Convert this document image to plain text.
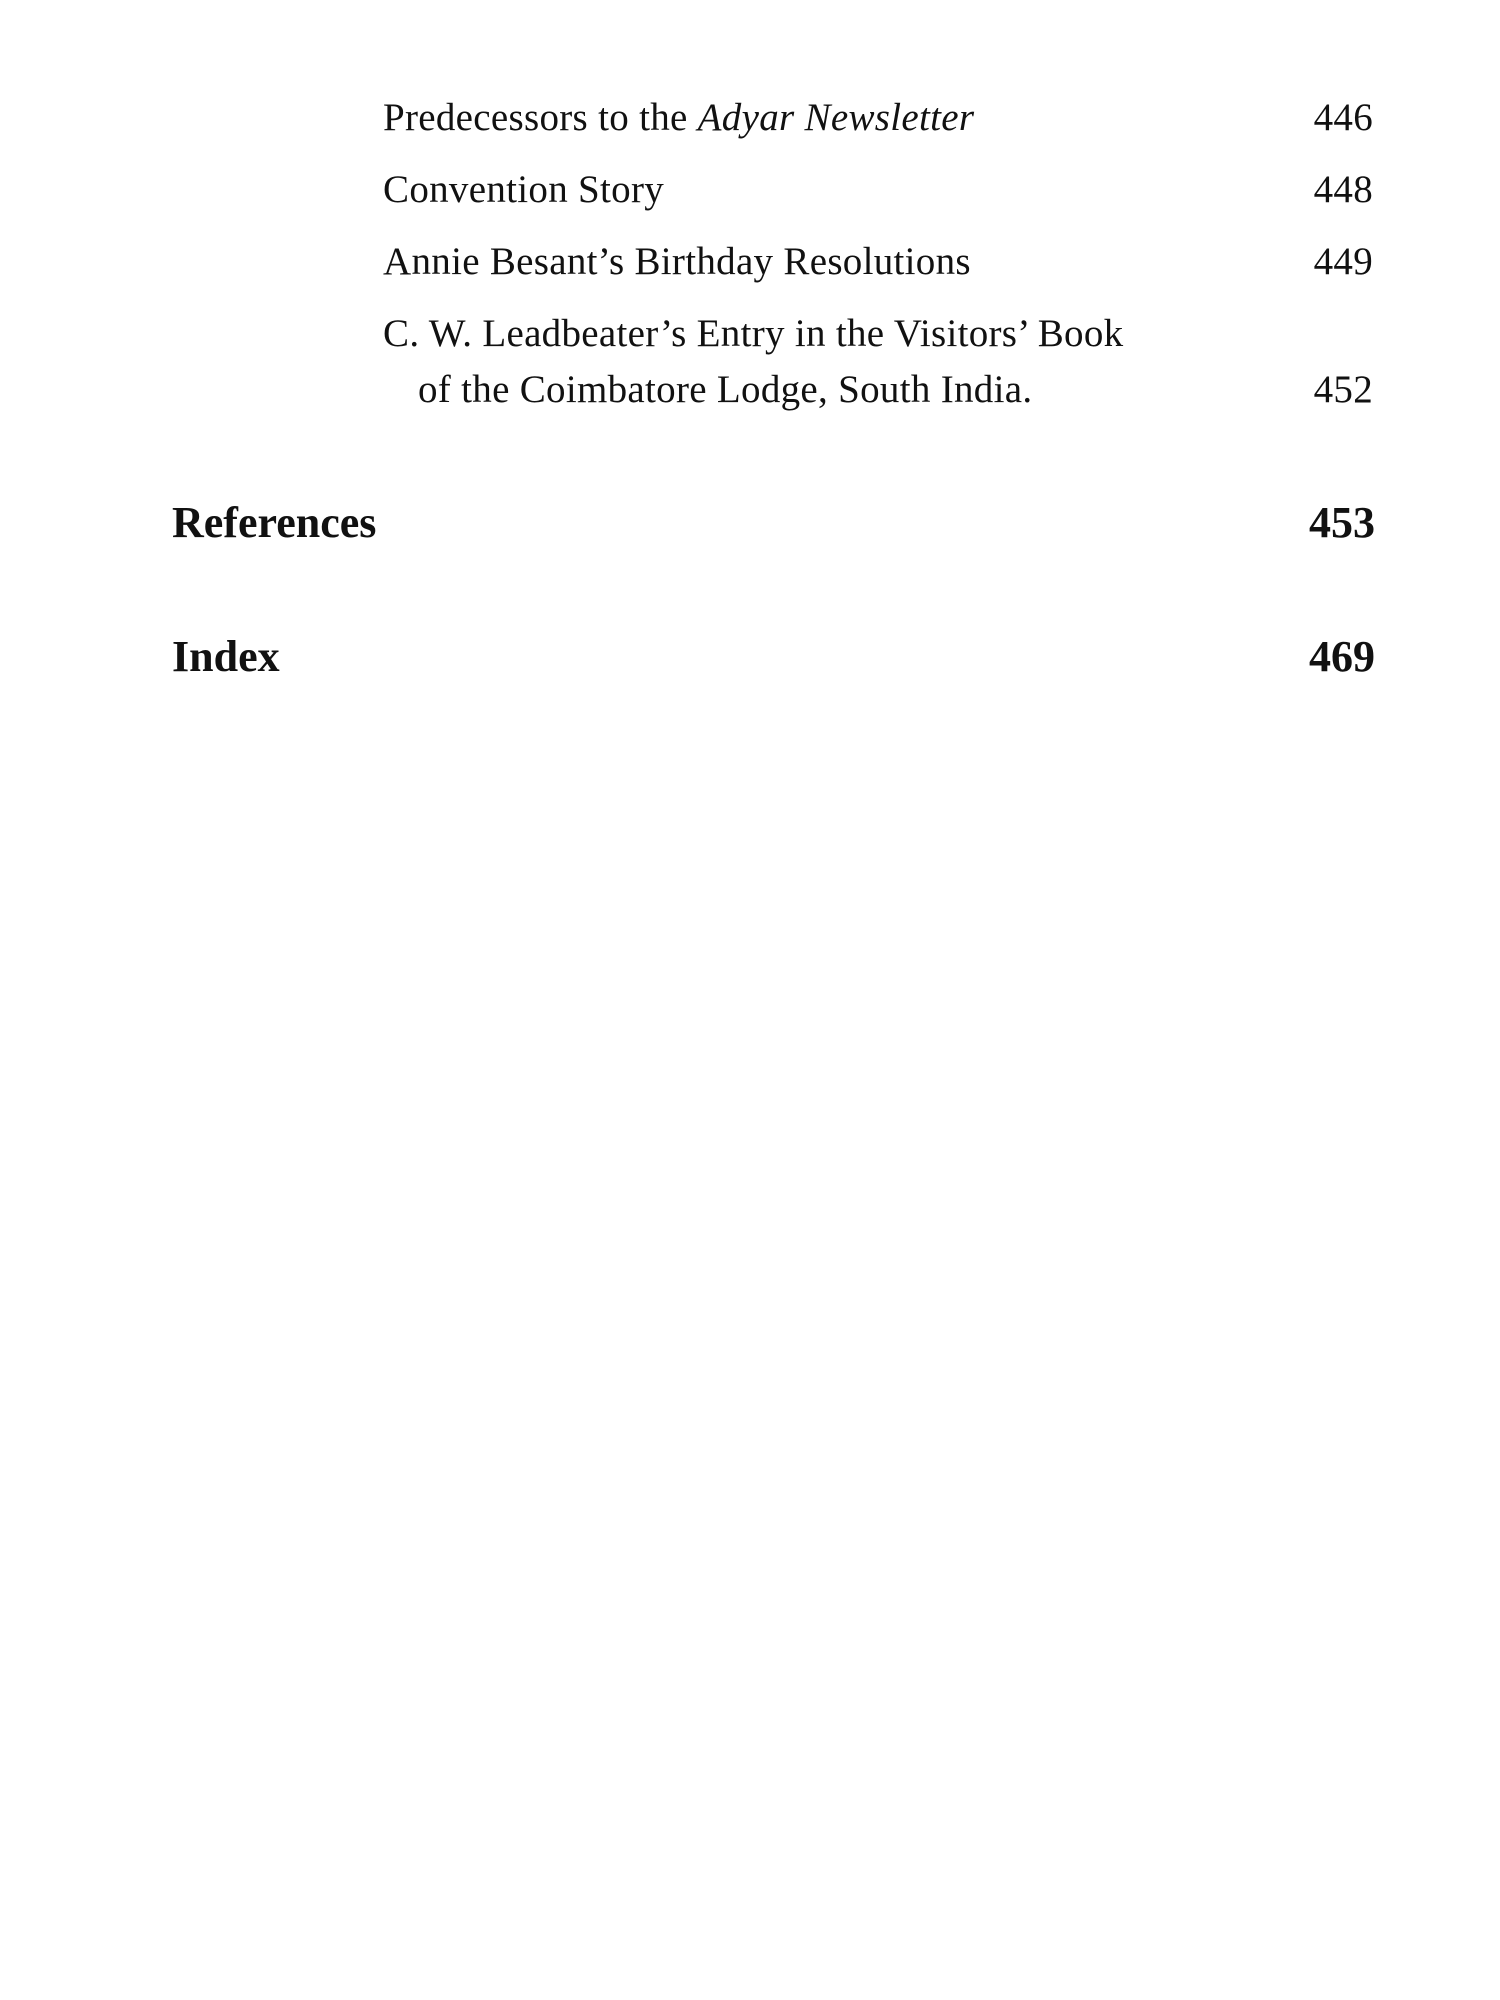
Predecessors to the Adyar Newsletter	446
Convention Story	448
Annie Besant’s Birthday Resolutions	449
C. W. Leadbeater’s Entry in the Visitors’ Book
of the Coimbatore Lodge, South India.	452
References	453
Index	469
